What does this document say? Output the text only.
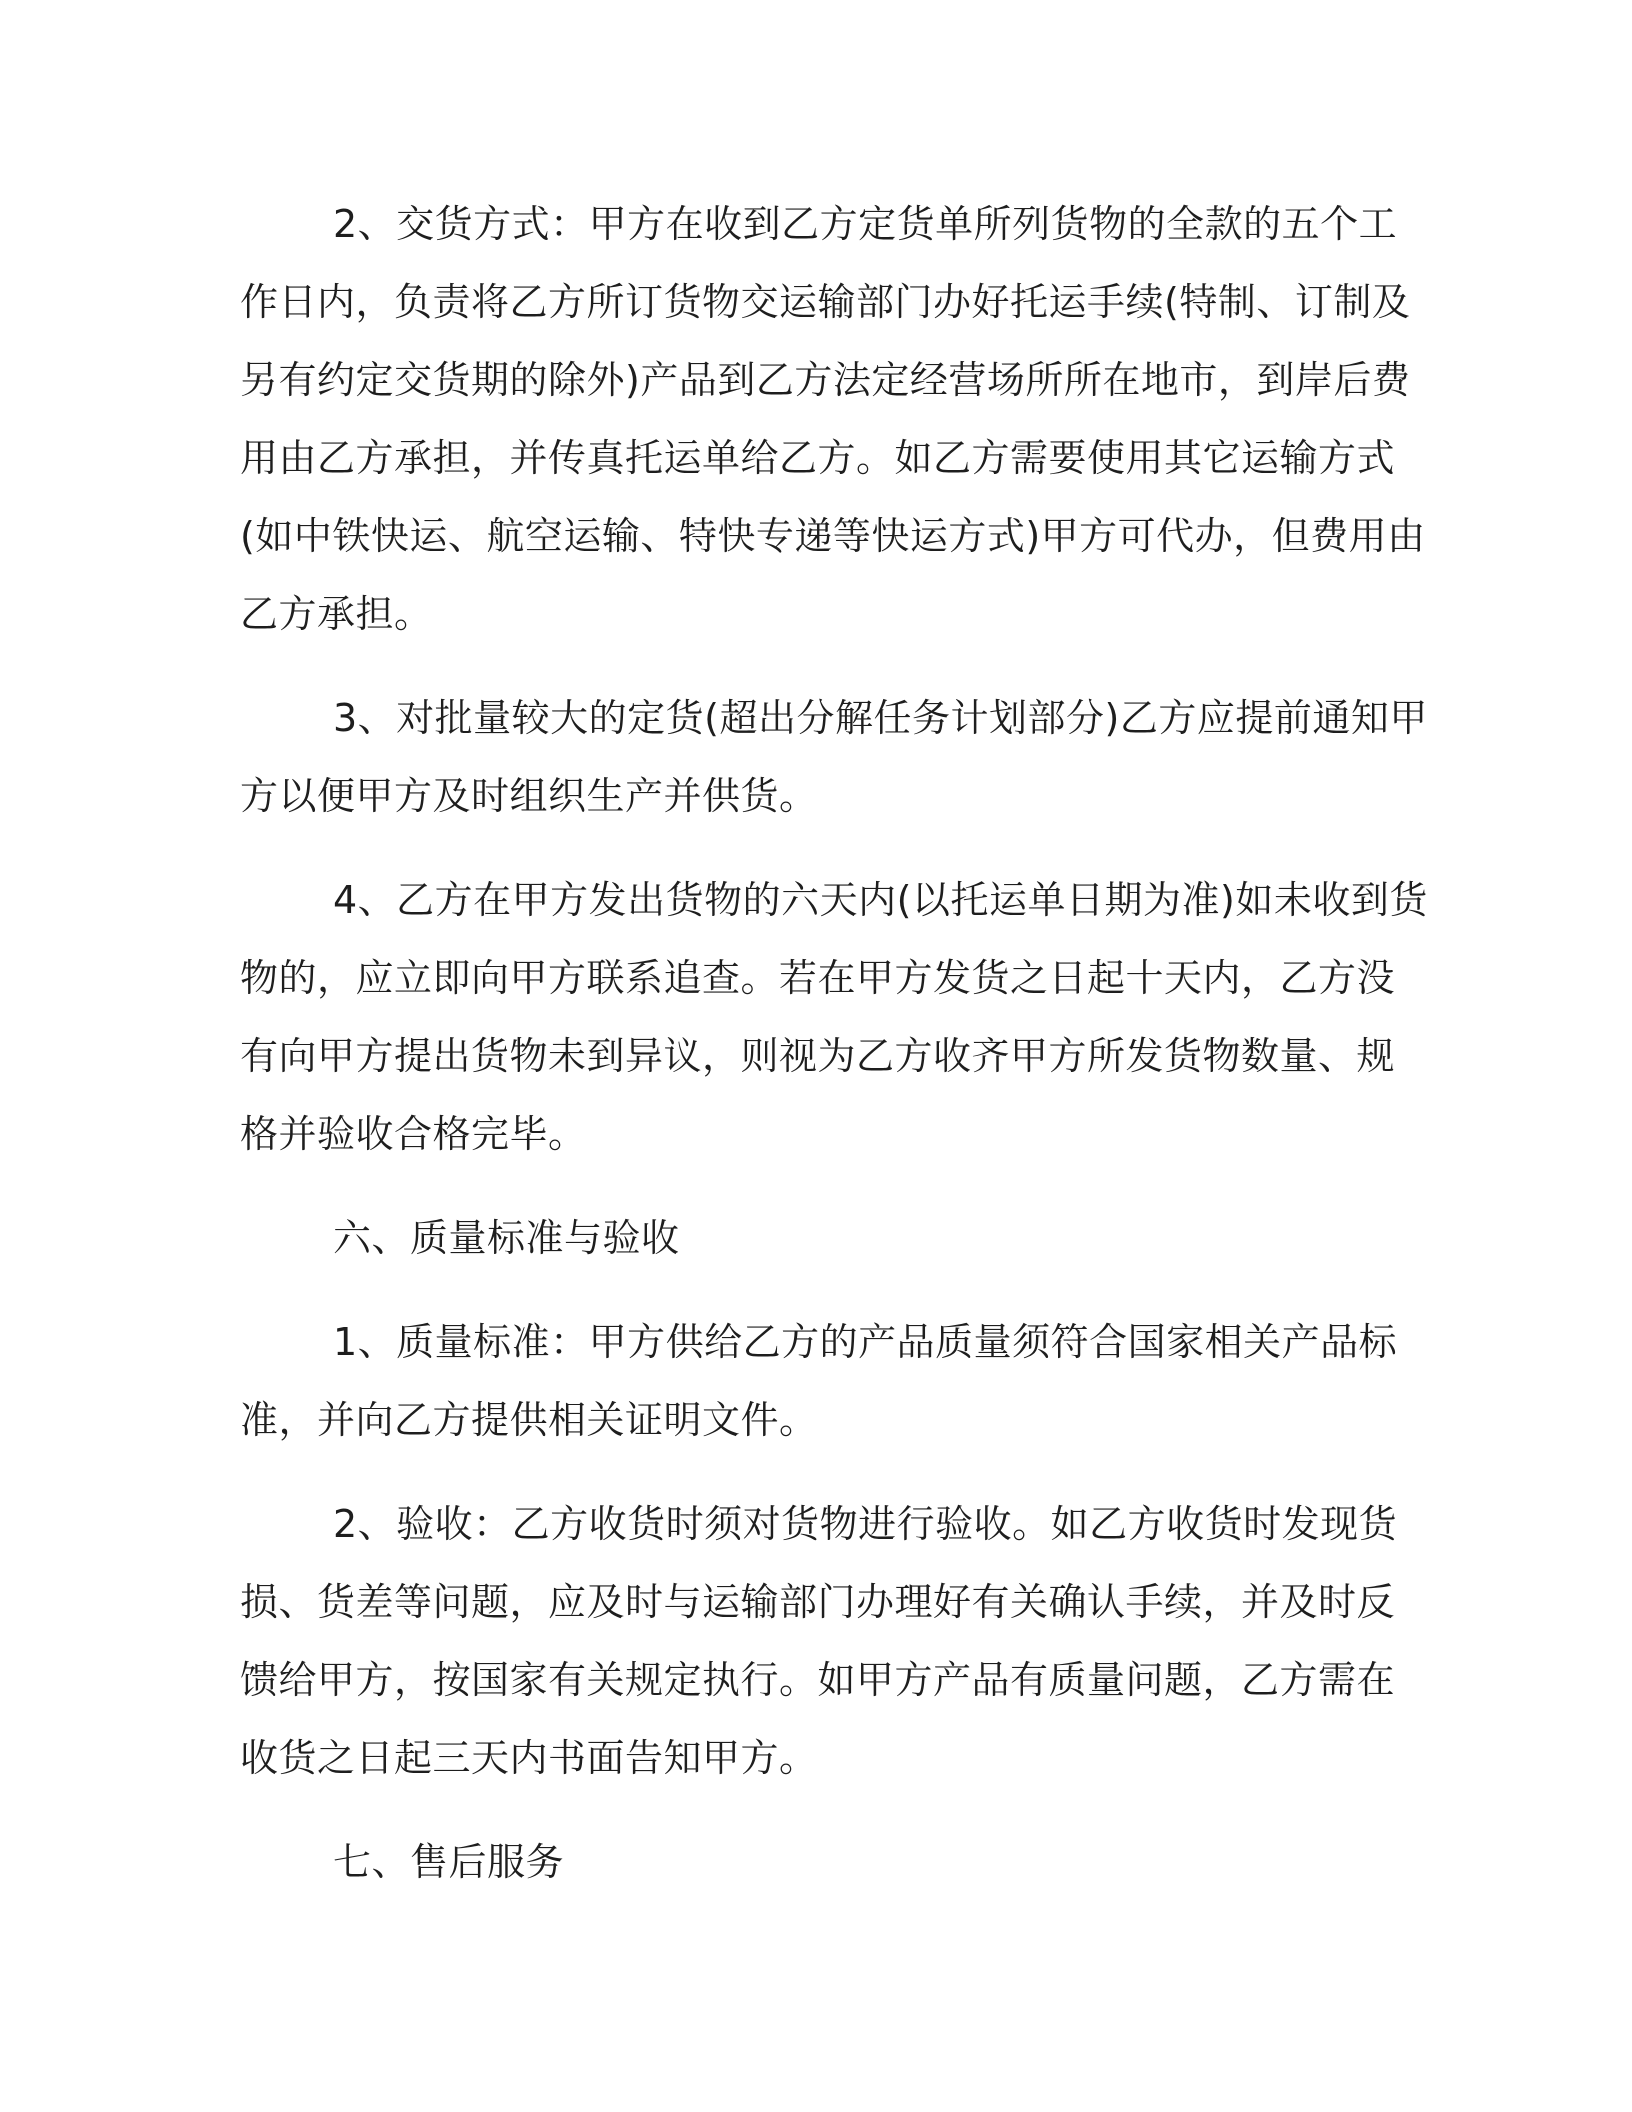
2、交货方式：甲方在收到乙方定货单所列货物的全款的五个工
作日内，负责将乙方所订货物交运输部门办好托运手续(特制、订制及
另有约定交货期的除外)产品到乙方法定经营场所所在地市，到岸后费
用由乙方承担，并传真托运单给乙方。如乙方需要使用其它运输方式
(如中铁快运、航空运输、特快专递等快运方式)甲方可代办，但费用由
乙方承担。
3、对批量较大的定货(超出分解任务计划部分)乙方应提前通知甲
方以便甲方及时组织生产并供货。
4、乙方在甲方发出货物的六天内(以托运单日期为准)如未收到货
物的，应立即向甲方联系追查。若在甲方发货之日起十天内，乙方没
有向甲方提出货物未到异议，则视为乙方收齐甲方所发货物数量、规
格并验收合格完毕。
六、质量标准与验收
1、质量标准：甲方供给乙方的产品质量须符合国家相关产品标
准，并向乙方提供相关证明文件。
2、验收：乙方收货时须对货物进行验收。如乙方收货时发现货
损、货差等问题，应及时与运输部门办理好有关确认手续，并及时反
馈给甲方，按国家有关规定执行。如甲方产品有质量问题，乙方需在
收货之日起三天内书面告知甲方。
七、售后服务
